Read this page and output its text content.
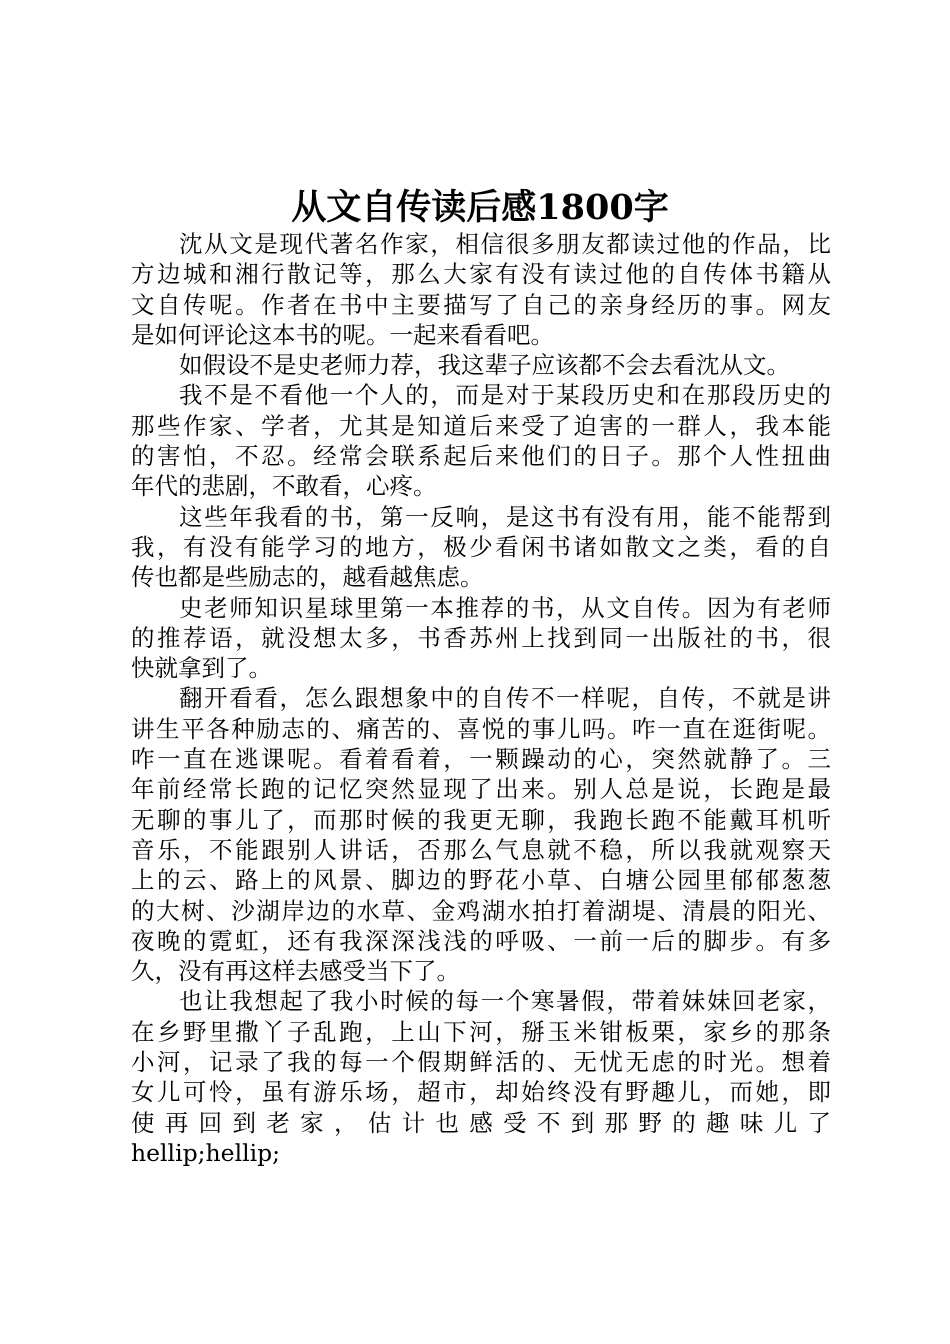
从文自传读后感1800字
沈从文是现代著名作家，相信很多朋友都读过他的作品，比
方边城和湘行散记等，那么大家有没有读过他的自传体书籍从
文自传呢。作者在书中主要描写了自己的亲身经历的事。网友
是如何评论这本书的呢。一起来看看吧。
如假设不是史老师力荐，我这辈子应该都不会去看沈从文。
我不是不看他一个人的，而是对于某段历史和在那段历史的
那些作家、学者，尤其是知道后来受了迫害的一群人，我本能
的害怕，不忍。经常会联系起后来他们的日子。那个人性扭曲
年代的悲剧，不敢看，心疼。
这些年我看的书，第一反响，是这书有没有用，能不能帮到
我，有没有能学习的地方，极少看闲书诸如散文之类，看的自
传也都是些励志的，越看越焦虑。
史老师知识星球里第一本推荐的书，从文自传。因为有老师
的推荐语，就没想太多，书香苏州上找到同一出版社的书，很
快就拿到了。
翻开看看，怎么跟想象中的自传不一样呢，自传，不就是讲
讲生平各种励志的、痛苦的、喜悦的事儿吗。咋一直在逛街呢。
咋一直在逃课呢。看着看着，一颗躁动的心，突然就静了。三
年前经常长跑的记忆突然显现了出来。别人总是说，长跑是最
无聊的事儿了，而那时候的我更无聊，我跑长跑不能戴耳机听
音乐，不能跟别人讲话，否那么气息就不稳，所以我就观察天
上的云、路上的风景、脚边的野花小草、白塘公园里郁郁葱葱
的大树、沙湖岸边的水草、金鸡湖水拍打着湖堤、清晨的阳光、
夜晚的霓虹，还有我深深浅浅的呼吸、一前一后的脚步。有多
久，没有再这样去感受当下了。
也让我想起了我小时候的每一个寒暑假，带着妹妹回老家，
在乡野里撒丫子乱跑，上山下河，掰玉米钳板栗，家乡的那条
小河，记录了我的每一个假期鲜活的、无忧无虑的时光。想着
女儿可怜，虽有游乐场，超市，却始终没有野趣儿，而她，即
使再回到老家，估计也感受不到那野的趣味儿了
hellip;hellip;
